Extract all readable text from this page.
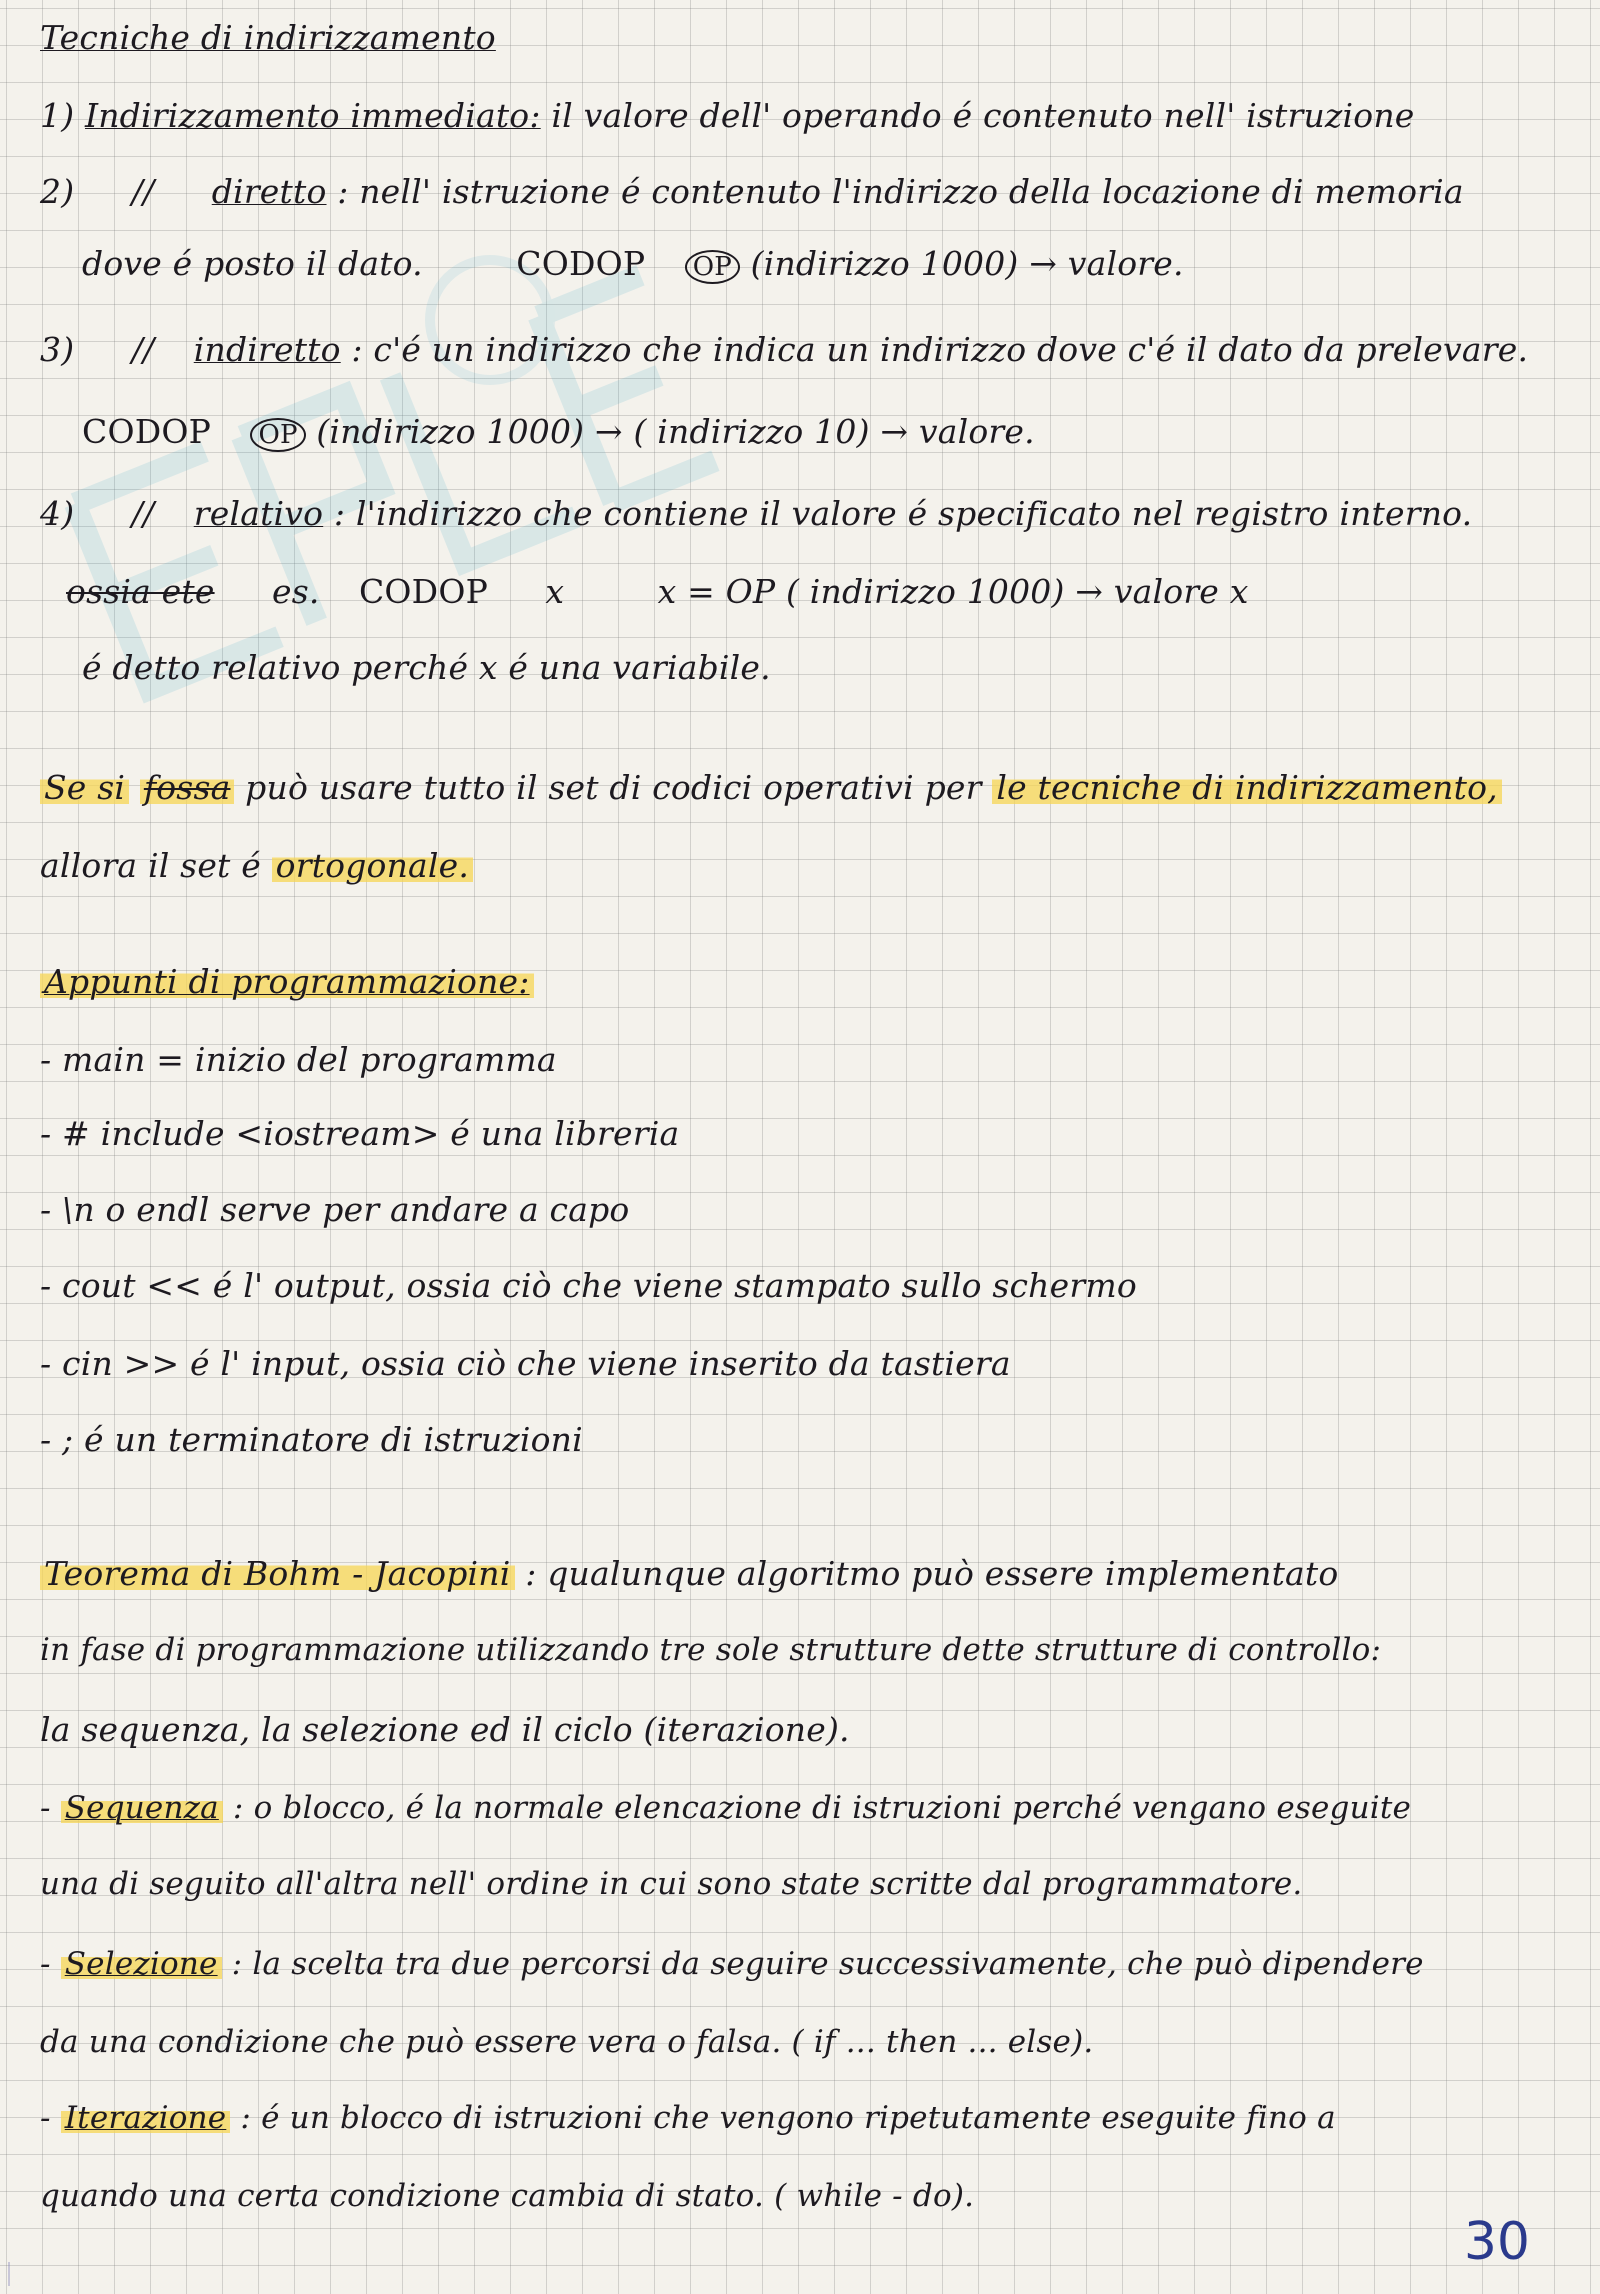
Tecniche di indirizzamento
1) Indirizzamento immediato: il valore dell' operando é contenuto nell' istruzione
2) // diretto : nell' istruzione é contenuto l'indirizzo della locazione di memoria
dove é posto il dato.	CODOP OP (indirizzo 1000) → valore.
3) // indiretto : c'é un indirizzo che indica un indirizzo dove c'é il dato da prelevare.
CODOP OP (indirizzo 1000) → ( indirizzo 10) → valore.
4) // relativo : l'indirizzo che contiene il valore é specificato nel registro interno.
ossia ete es. CODOP x	x = OP ( indirizzo 1000) → valore x
é detto relativo perché x é una variabile.
Se si fossa può usare tutto il set di codici operativi per le tecniche di indirizzamento,
allora il set é ortogonale.
Appunti di programmazione:
- main = inizio del programma
- # include <iostream> é una libreria
- \n o endl serve per andare a capo
- cout << é l' output, ossia ciò che viene stampato sullo schermo
- cin >> é l' input, ossia ciò che viene inserito da tastiera
- ; é un terminatore di istruzioni
Teorema di Bohm - Jacopini : qualunque algoritmo può essere implementato
in fase di programmazione utilizzando tre sole strutture dette strutture di controllo:
la sequenza, la selezione ed il ciclo (iterazione).
- Sequenza : o blocco, é la normale elencazione di istruzioni perché vengano eseguite
una di seguito all'altra nell' ordine in cui sono state scritte dal programmatore.
- Selezione : la scelta tra due percorsi da seguire successivamente, che può dipendere
da una condizione che può essere vera o falsa. ( if ... then ... else).
- Iterazione : é un blocco di istruzioni che vengono ripetutamente eseguite fino a
quando una certa condizione cambia di stato. ( while - do).
30
